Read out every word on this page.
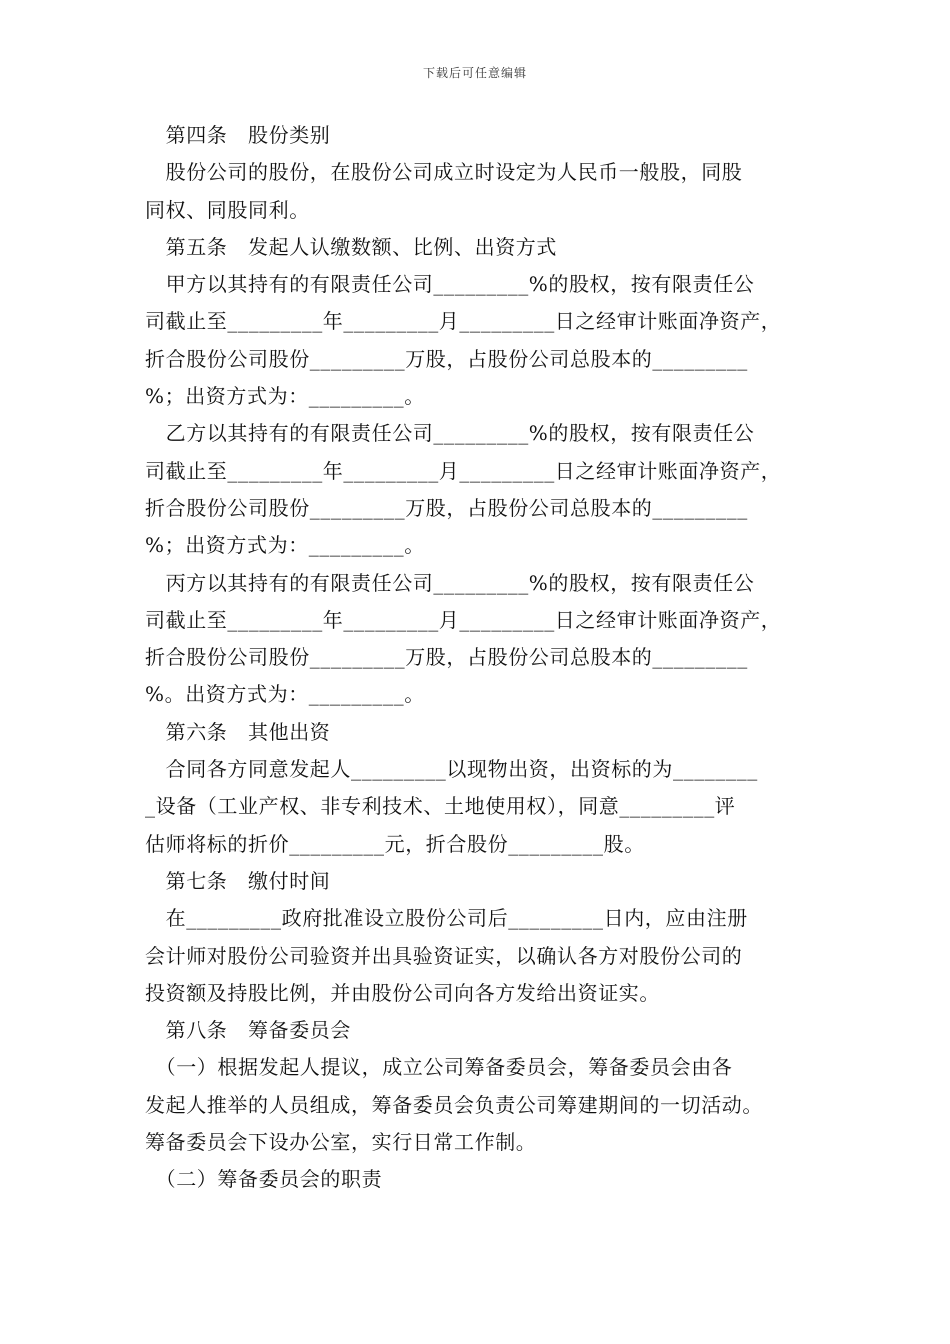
下载后可任意编辑
　第四条　股份类别
　股份公司的股份，在股份公司成立时设定为人民币一般股，同股
同权、同股同利。
　第五条　发起人认缴数额、比例、出资方式
　甲方以其持有的有限责任公司_________%的股权，按有限责任公
司截止至_________年_________月_________日之经审计账面净资产，
折合股份公司股份_________万股，占股份公司总股本的_________
%；出资方式为：_________。
　乙方以其持有的有限责任公司_________%的股权，按有限责任公
司截止至_________年_________月_________日之经审计账面净资产，
折合股份公司股份_________万股，占股份公司总股本的_________
%；出资方式为：_________。
　丙方以其持有的有限责任公司_________%的股权，按有限责任公
司截止至_________年_________月_________日之经审计账面净资产，
折合股份公司股份_________万股，占股份公司总股本的_________
%。出资方式为：_________。
　第六条　其他出资
　合同各方同意发起人_________以现物出资，出资标的为________
_设备（工业产权、非专利技术、土地使用权），同意_________评
估师将标的折价_________元，折合股份_________股。
　第七条　缴付时间
　在_________政府批准设立股份公司后_________日内，应由注册
会计师对股份公司验资并出具验资证实，以确认各方对股份公司的
投资额及持股比例，并由股份公司向各方发给出资证实。
　第八条　筹备委员会
　（一）根据发起人提议，成立公司筹备委员会，筹备委员会由各
发起人推举的人员组成，筹备委员会负责公司筹建期间的一切活动。
筹备委员会下设办公室，实行日常工作制。
　（二）筹备委员会的职责
